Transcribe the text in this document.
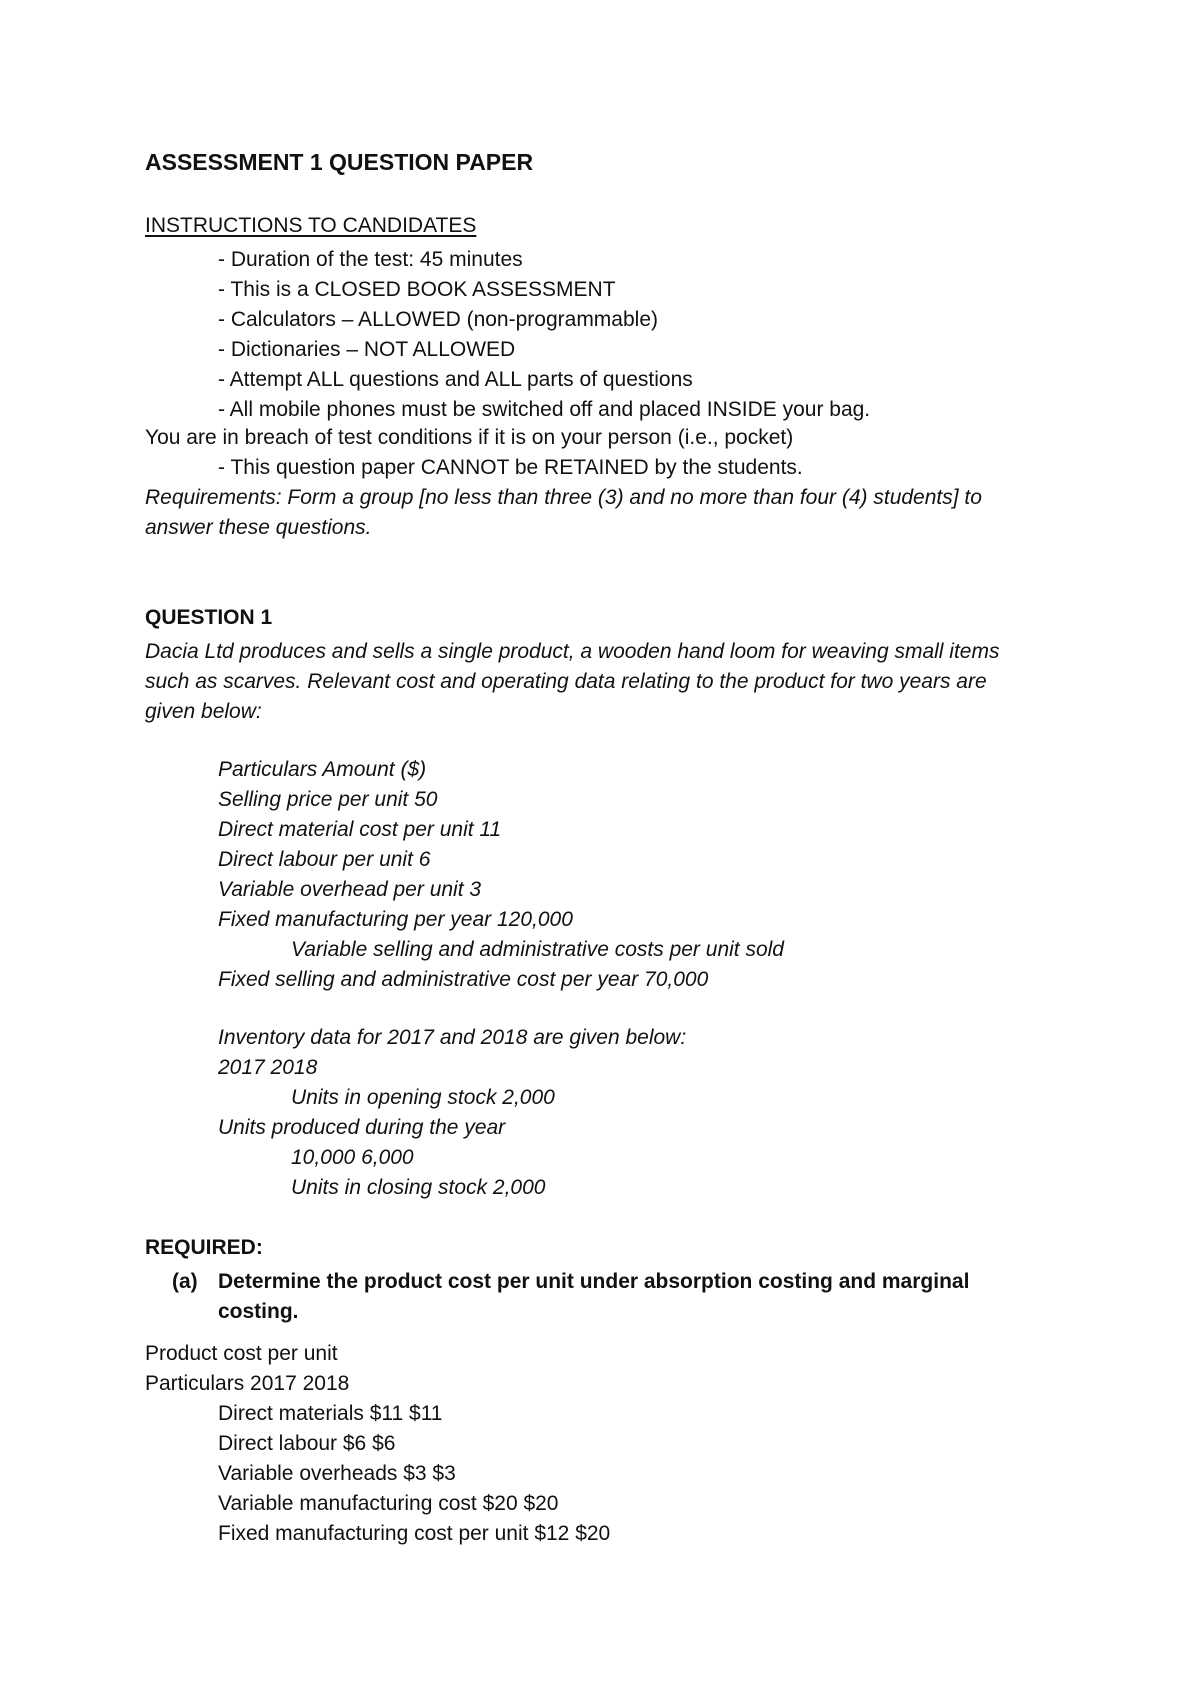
ASSESSMENT 1 QUESTION PAPER

INSTRUCTIONS TO CANDIDATES

- Duration of the test: 45 minutes

- This is a CLOSED BOOK ASSESSMENT

- Calculators – ALLOWED (non-programmable)

- Dictionaries – NOT ALLOWED

- Attempt ALL questions and ALL parts of questions

- All mobile phones must be switched off and placed INSIDE your bag.

You are in breach of test conditions if it is on your person (i.e., pocket)

- This question paper CANNOT be RETAINED by the students.

Requirements: Form a group [no less than three (3) and no more than four (4) students] to

answer these questions.

QUESTION 1

Dacia Ltd produces and sells a single product, a wooden hand loom for weaving small items

such as scarves. Relevant cost and operating data relating to the product for two years are

given below:

Particulars Amount ($)

Selling price per unit 50

Direct material cost per unit 11

Direct labour per unit 6

Variable overhead per unit 3

Fixed manufacturing per year 120,000

Variable selling and administrative costs per unit sold

Fixed selling and administrative cost per year 70,000

Inventory data for 2017 and 2018 are given below:

2017 2018

Units in opening stock 2,000

Units produced during the year

10,000 6,000

Units in closing stock 2,000

REQUIRED:

(a) Determine the product cost per unit under absorption costing and marginal

costing.

Product cost per unit

Particulars 2017 2018

Direct materials $11 $11

Direct labour $6 $6

Variable overheads $3 $3

Variable manufacturing cost $20 $20

Fixed manufacturing cost per unit $12 $20
